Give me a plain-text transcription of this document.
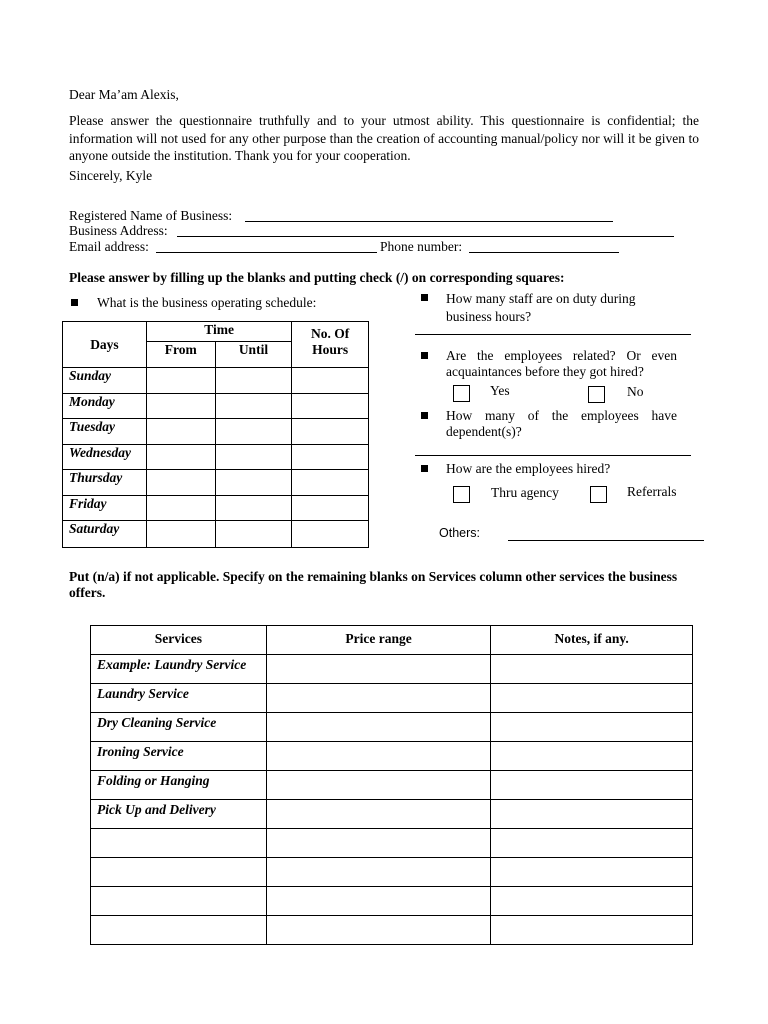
Dear Ma’am Alexis,
Please answer the questionnaire truthfully and to your utmost ability. This questionnaire is confidential; the information will not used for any other purpose than the creation of accounting manual/policy nor will it be given to anyone outside the institution. Thank you for your cooperation.
Sincerely, Kyle
Registered Name of Business:
Business Address:
Email address:	Phone number:
Please answer by filling up the blanks and putting check (/) on corresponding squares:
What is the business operating schedule:
Days	Time		No. Of Hours
	From	Until	
Sunday			
Monday			
Tuesday			
Wednesday			
Thursday			
Friday			
Saturday			
How many staff are on duty during business hours?
Are the employees related? Or even acquaintances before they got hired?
Yes	No
How many of the employees have dependent(s)?
How are the employees hired?
Thru agency	Referrals
Others:
Put (n/a) if not applicable. Specify on the remaining blanks on Services column other services the business offers.
Services	Price range	Notes, if any.
Example: Laundry Service		
Laundry Service		
Dry Cleaning Service		
Ironing Service		
Folding or Hanging		
Pick Up and Delivery		
